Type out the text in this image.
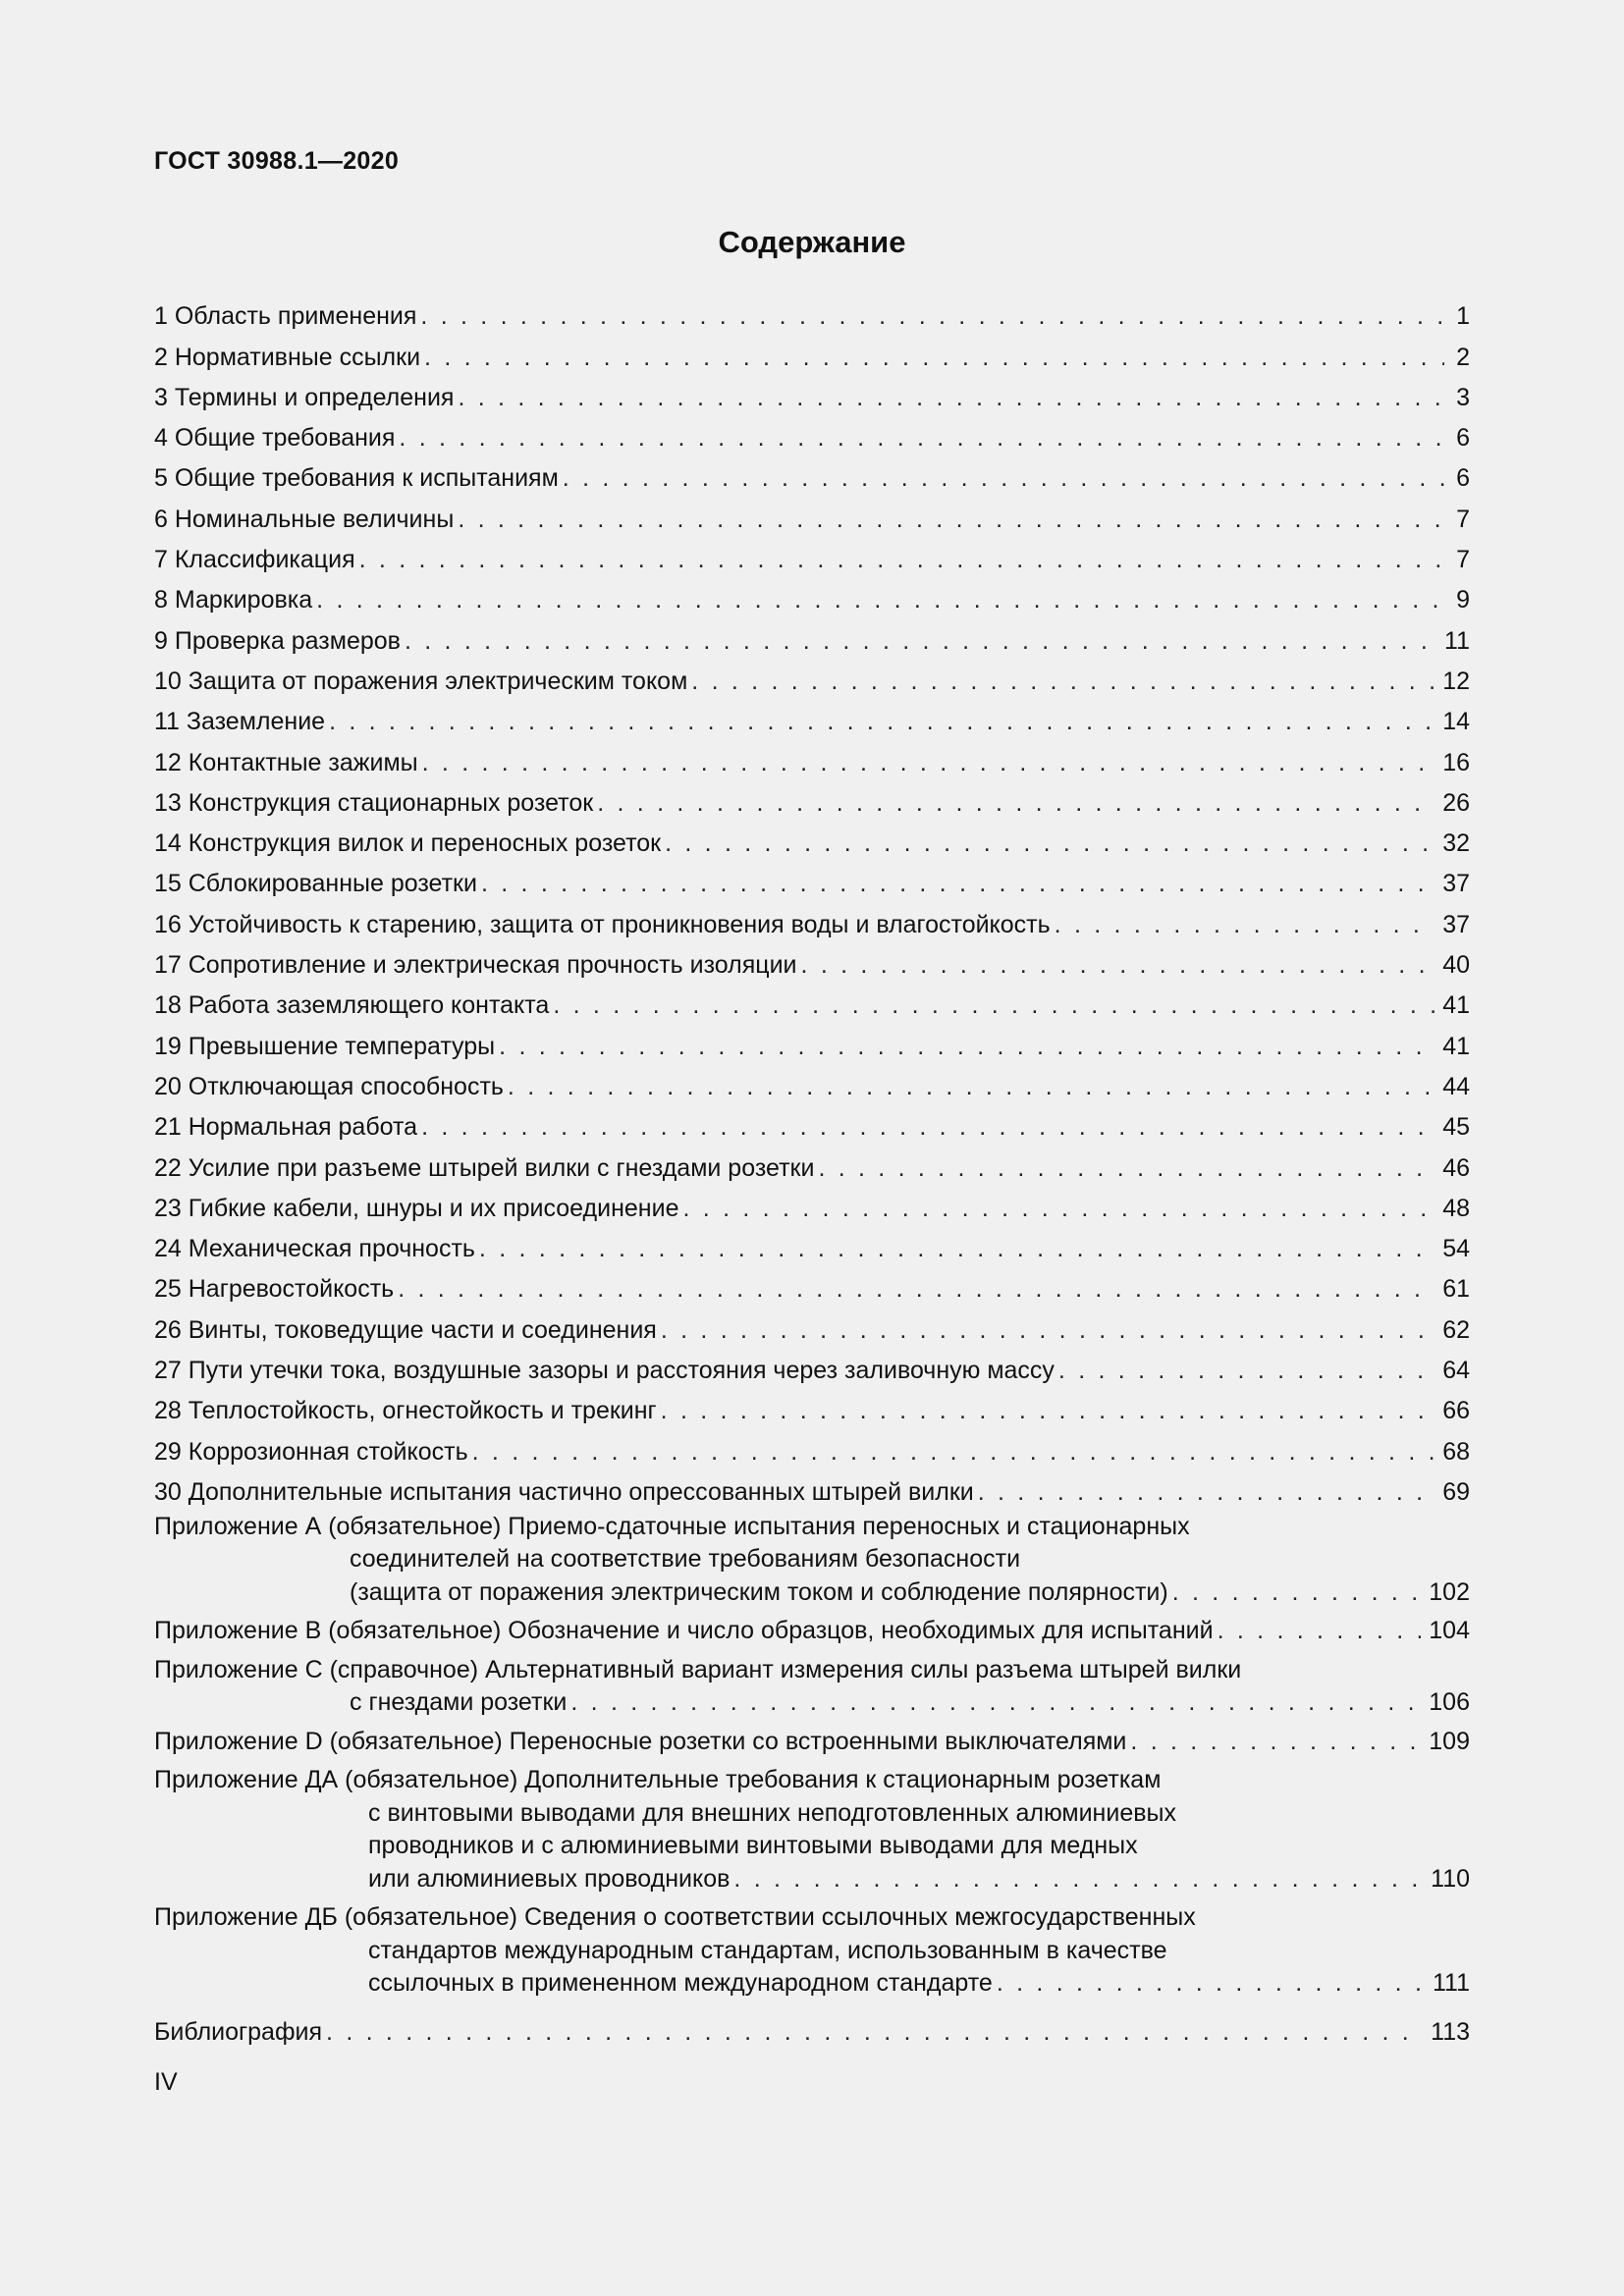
ГОСТ 30988.1—2020
Содержание
1 Область применения . . .	1
2 Нормативные ссылки . . .	2
3 Термины и определения . . .	3
4 Общие требования . . .	6
5 Общие требования к испытаниям . . .	6
6 Номинальные величины . . .	7
7 Классификация . . .	7
8 Маркировка . . .	9
9 Проверка размеров . . .	11
10 Защита от поражения электрическим током . . .	12
11 Заземление . . .	14
12 Контактные зажимы . . .	16
13 Конструкция стационарных розеток . . .	26
14 Конструкция вилок и переносных розеток . . .	32
15 Сблокированные розетки . . .	37
16 Устойчивость к старению, защита от проникновения воды и влагостойкость . . .	37
17 Сопротивление и электрическая прочность изоляции . . .	40
18 Работа заземляющего контакта . . .	41
19 Превышение температуры . . .	41
20 Отключающая способность . . .	44
21 Нормальная работа . . .	45
22 Усилие при разъеме штырей вилки с гнездами розетки . . .	46
23 Гибкие кабели, шнуры и их присоединение . . .	48
24 Механическая прочность . . .	54
25 Нагревостойкость . . .	61
26 Винты, токоведущие части и соединения . . .	62
27 Пути утечки тока, воздушные зазоры и расстояния через заливочную массу . . .	64
28 Теплостойкость, огнестойкость и трекинг . . .	66
29 Коррозионная стойкость . . .	68
30 Дополнительные испытания частично опрессованных штырей вилки . . .	69
Приложение А (обязательное) Приемо-сдаточные испытания переносных и стационарных
соединителей на соответствие требованиям безопасности
(защита от поражения электрическим током и соблюдение полярности) . . .	102
Приложение В (обязательное) Обозначение и число образцов, необходимых для испытаний . . .	104
Приложение С (справочное) Альтернативный вариант измерения силы разъема штырей вилки
с гнездами розетки . . .	106
Приложение D (обязательное) Переносные розетки со встроенными выключателями . . .	109
Приложение ДА (обязательное) Дополнительные требования к стационарным розеткам
с винтовыми выводами для внешних неподготовленных алюминиевых
проводников и с алюминиевыми винтовыми выводами для медных
или алюминиевых проводников . . .	110
Приложение ДБ (обязательное) Сведения о соответствии ссылочных межгосударственных
стандартов международным стандартам, использованным в качестве
ссылочных в примененном международном стандарте . . .	111
Библиография . . .	113
IV
